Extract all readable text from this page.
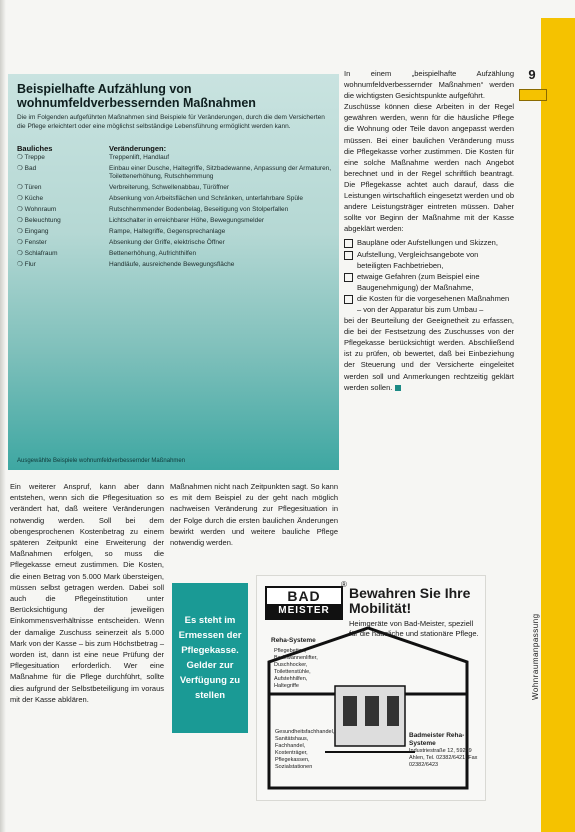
9
Wohnraumanpassung
Beispielhafte Aufzählung von wohnumfeldverbessernden Maßnahmen
Die im Folgenden aufgeführten Maßnahmen sind Beispiele für Veränderungen, durch die dem Versicherten die Pflege erleichtert oder eine möglichst selbständige Lebensführung ermöglicht werden kann.
Bauliches	Veränderungen:
❍ Treppe	Treppenlift, Handlauf
❍ Bad	Einbau einer Dusche, Haltegriffe, Sitzbadewanne, Anpassung der Armaturen, Toilettenerhöhung, Rutschhemmung
❍ Türen	Verbreiterung, Schwellenabbau, Türöffner
❍ Küche	Absenkung von Arbeitsflächen und Schränken, unterfahrbare Spüle
❍ Wohnraum	Rutschhemmender Bodenbelag, Beseitigung von Stolperfallen
❍ Beleuchtung	Lichtschalter in erreichbarer Höhe, Bewegungsmelder
❍ Eingang	Rampe, Haltegriffe, Gegensprechanlage
❍ Fenster	Absenkung der Griffe, elektrische Öffner
❍ Schlafraum	Bettenerhöhung, Aufrichthilfen
❍ Flur	Handläufe, ausreichende Bewegungsfläche
Ausgewählte Beispiele wohnumfeldverbessernder Maßnahmen

In einem „beispielhafte Aufzählung wohnumfeldverbessernder Maßnahmen“ werden die wichtigsten Gesichtspunkte aufgeführt.

Zuschüsse können diese Arbeiten in der Regel gewähren werden, wenn für die häusliche Pflege die Wohnung oder Teile davon angepasst werden müssen. Bei einer baulichen Veränderung muss die Pflegekasse vorher zustimmen. Die Kosten für eine solche Maßnahme werden nach Angebot berechnet und in der Regel schriftlich beantragt. Die Pflegekasse achtet auch darauf, dass die Leistungen wirtschaftlich eingesetzt werden und ob andere Leistungsträger eintreten müssen. Daher sollte vor Beginn der Maßnahme mit der Kasse abgeklärt werden:

Baupläne oder Aufstellungen und Skizzen,
Aufstellung, Vergleichsangebote von beteiligten Fachbetrieben,
etwaige Gefahren (zum Beispiel eine Baugenehmigung) der Maßnahme,
die Kosten für die vorgesehenen Maßnahmen – von der Apparatur bis zum Umbau –

bei der Beurteilung der Geeignetheit zu erfassen, die bei der Festsetzung des Zuschusses von der Pflegekasse berücksichtigt werden. Abschließend ist zu prüfen, ob bewertet, daß bei Einbeziehung der Steuerung und der Versicherte eingeleitet werden soll und Anmerkungen rechtzeitig geklärt werden sollen.

Ein weiterer Anspruf, kann aber dann entstehen, wenn sich die Pflegesituation so verändert hat, daß weitere Veränderungen notwendig werden. Soll bei dem obengesprochenen Kostenbetrag zu einem späteren Zeitpunkt eine Erweiterung der Maßnahmen erfolgen, so muss die Pflegekasse erneut zustimmen. Die Kosten, die einen Betrag von 5.000 Mark übersteigen, müssen selbst getragen werden. Dabei soll auch die Pflegeinstitution unter Berücksichtigung der jeweiligen Einkommensverhältnisse entscheiden. Wenn der damalige Zuschuss seinerzeit als 5.000 Mark von der Kasse – bis zum Höchstbetrag – worden ist, dann ist eine neue Prüfung der Pflegesituation erforderlich. Wer eine Maßnahme für die Pflege durchführt, sollte dies aufgrund der Selbstbeteiligung im voraus mit der Kasse abklären.

Maßnahmen nicht nach Zeitpunkten sagt. So kann es mit dem Beispiel zu der geht nach möglich nachweisen Veränderung zur Pflegesituation in der Folge durch die ersten baulichen Änderungen bewirkt werden und weitere bauliche Pflege notwendig werden.

Es steht im Ermessen der Pflegekasse. Gelder zur Verfügung zu stellen
BAD
MEISTER
®
Bewahren Sie Ihre Mobilität!
Heimgeräte von Bad-Meister, speziell für die häusliche und stationäre Pflege.
Reha-Systeme
Pflegebetten, Badewannenlifter, Duschhocker, Toilettenstühle, Aufstehhilfen, Haltegriffe
Gesundheitsfachhandel, Sanitätshaus, Fachhandel, Kostenträger, Pflegekassen, Sozialstationen
Badmeister Reha-Systeme
Industriestraße 12, 59229 Ahlen, Tel. 02382/6421, Fax 02382/6423
